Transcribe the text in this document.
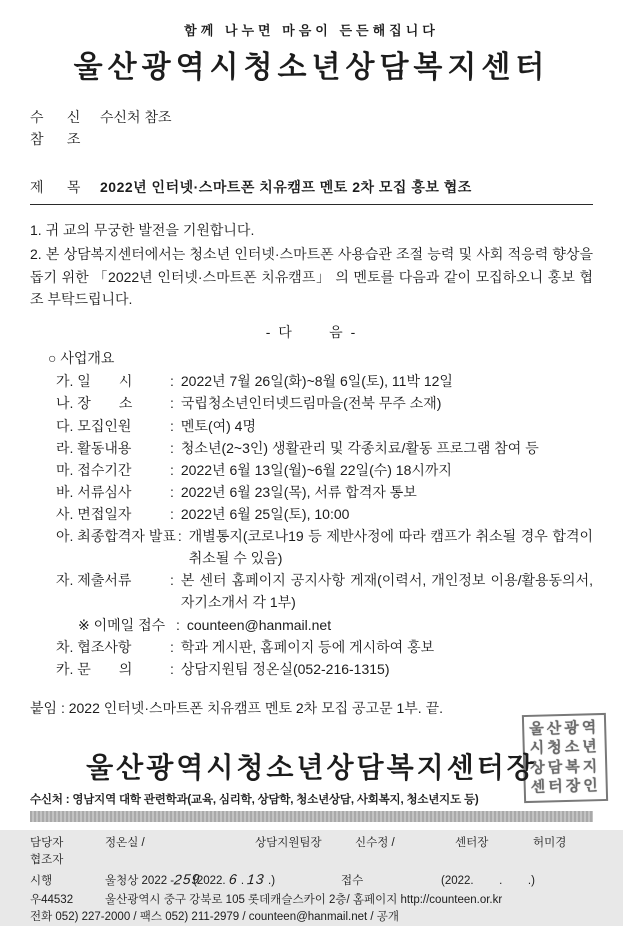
함께 나누면 마음이 든든해집니다
울산광역시청소년상담복지센터
수      신	수신처 참조
참      조
제      목	2022년 인터넷·스마트폰 치유캠프 멘토 2차 모집 홍보 협조

1. 귀 교의 무궁한 발전을 기원합니다.

2. 본 상담복지센터에서는 청소년 인터넷·스마트폰 사용습관 조절 능력 및 사회 적응력 향상을 돕기 위한 「2022년 인터넷·스마트폰 치유캠프」 의 멘토를 다음과 같이 모집하오니 홍보 협조 부탁드립니다.

- 다      음 -
○ 사업개요
가. 일　　시	: 2022년 7월 26일(화)~8월 6일(토), 11박 12일
나. 장　　소	: 국립청소년인터넷드림마을(전북 무주 소재)
다. 모집인원	: 멘토(여) 4명
라. 활동내용	: 청소년(2~3인) 생활관리 및 각종치료/활동 프로그램 참여 등
마. 접수기간	: 2022년 6월 13일(월)~6월 22일(수) 18시까지
바. 서류심사	: 2022년 6월 23일(목), 서류 합격자 통보
사. 면접일자	: 2022년 6월 25일(토), 10:00
아. 최종합격자 발표 : 개별통지(코로나19 등 제반사정에 따라 캠프가 취소될 경우 합격이 취소될 수 있음)
자. 제출서류	: 본 센터 홈페이지 공지사항 게재(이력서, 개인정보 이용/활용동의서, 자기소개서 각 1부)
※ 이메일 접수 : counteen@hanmail.net
차. 협조사항	: 학과 게시판, 홈페이지 등에 게시하여 홍보
카. 문　　의	: 상담지원팀 정온실(052-216-1315)
붙임 : 2022 인터넷·스마트폰 치유캠프 멘토 2차 모집 공고문 1부. 끝.
울산광역
시청소년
상담복지
센터장인
울산광역시청소년상담복지센터장
수신처 : 영남지역 대학 관련학과(교육, 심리학, 상담학, 청소년상담, 사회복지, 청소년지도 등)
담당자	정온실 /	상담지원팀장	신수정 /	센터장	허미경
협조자
시행	울청상 2022 -259
(2022. 6 . 13 .)	접수	(2022.        .        .)
우44532	울산광역시 중구 강북로 105 롯데캐슬스카이 2층/ 홈페이지 http://counteen.or.kr
전화 052) 227-2000 / 팩스 052) 211-2979 / counteen@hanmail.net / 공개
